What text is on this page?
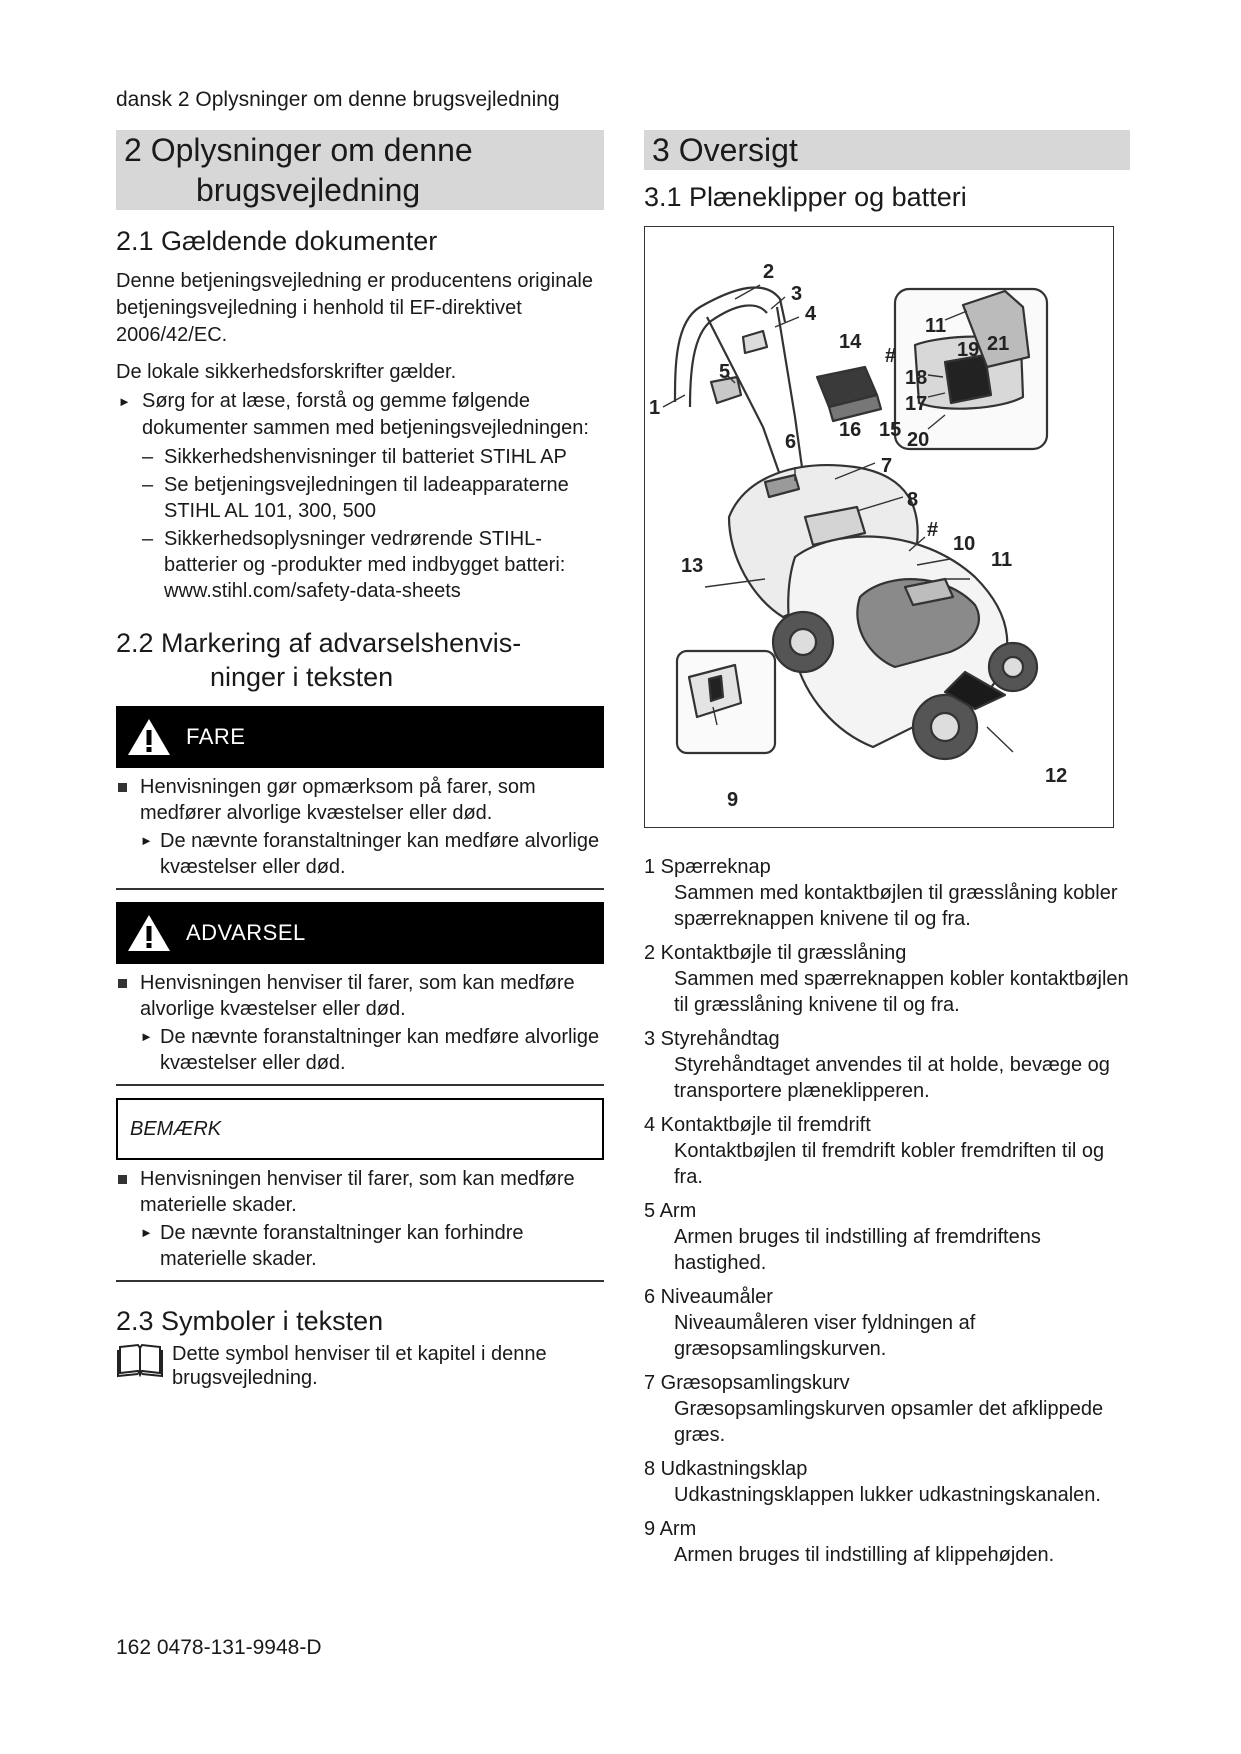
dansk 2 Oplysninger om denne brugsvejledning
2 Oplysninger om denne
brugsvejledning
2.1 Gældende dokumenter
Denne betjeningsvejledning er producentens originale betjeningsvejledning i henhold til EF-direktivet 2006/42/EC.
De lokale sikkerhedsforskrifter gælder.
► Sørg for at læse, forstå og gemme følgende dokumenter sammen med betjeningsvejledningen:
– Sikkerhedshenvisninger til batteriet STIHL AP
– Se betjeningsvejledningen til ladeapparaterne STIHL AL 101, 300, 500
– Sikkerhedsoplysninger vedrørende STIHL-batterier og -produkter med indbygget batteri: www.stihl.com/safety-data-sheets
2.2 Markering af advarselshenvis-
ninger i teksten
FARE
Henvisningen gør opmærksom på farer, som medfører alvorlige kvæstelser eller død.
► De nævnte foranstaltninger kan medføre alvorlige kvæstelser eller død.
ADVARSEL
Henvisningen henviser til farer, som kan medføre alvorlige kvæstelser eller død.
► De nævnte foranstaltninger kan medføre alvorlige kvæstelser eller død.
BEMÆRK
Henvisningen henviser til farer, som kan medføre materielle skader.
► De nævnte foranstaltninger kan forhindre materielle skader.
2.3 Symboler i teksten
Dette symbol henviser til et kapitel i denne brugsvejledning.
3 Oversigt
3.1 Plæneklipper og batteri
2
3
4
5
1
6
7
8
#
10
11
13
12
9
14
#
16 15
11
19 21
18
17
20
1 Spærreknap
Sammen med kontaktbøjlen til græsslåning kobler spærreknappen knivene til og fra.
2 Kontaktbøjle til græsslåning
Sammen med spærreknappen kobler kontaktbøjlen til græsslåning knivene til og fra.
3 Styrehåndtag
Styrehåndtaget anvendes til at holde, bevæge og transportere plæneklipperen.
4 Kontaktbøjle til fremdrift
Kontaktbøjlen til fremdrift kobler fremdriften til og fra.
5 Arm
Armen bruges til indstilling af fremdriftens hastighed.
6 Niveaumåler
Niveaumåleren viser fyldningen af græsopsamlingskurven.
7 Græsopsamlingskurv
Græsopsamlingskurven opsamler det afklippede græs.
8 Udkastningsklap
Udkastningsklappen lukker udkastningskanalen.
9 Arm
Armen bruges til indstilling af klippehøjden.
162 0478-131-9948-D
